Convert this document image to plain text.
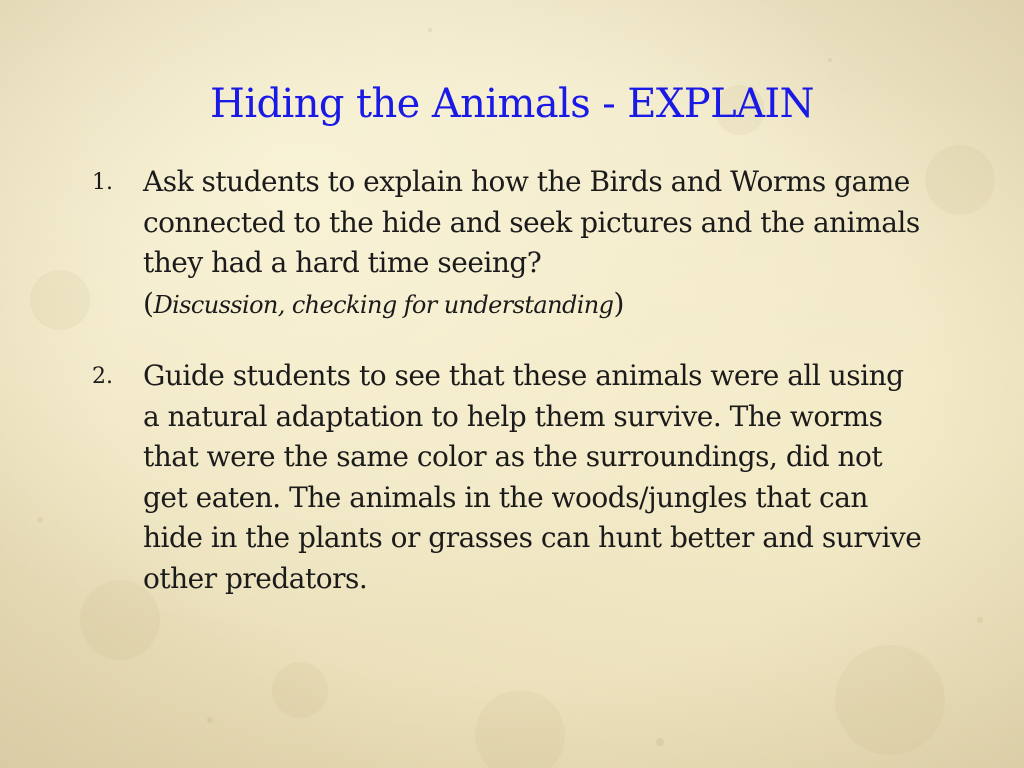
Hiding the Animals - EXPLAIN
1. Ask students to explain how the Birds and Worms game connected to the hide and seek pictures and the animals they had a hard time seeing?
(Discussion, checking for understanding)
2. Guide students to see that these animals were all using a natural adaptation to help them survive. The worms that were the same color as the surroundings, did not get eaten. The animals in the woods/jungles that can hide in the plants or grasses can hunt better and survive other predators.
